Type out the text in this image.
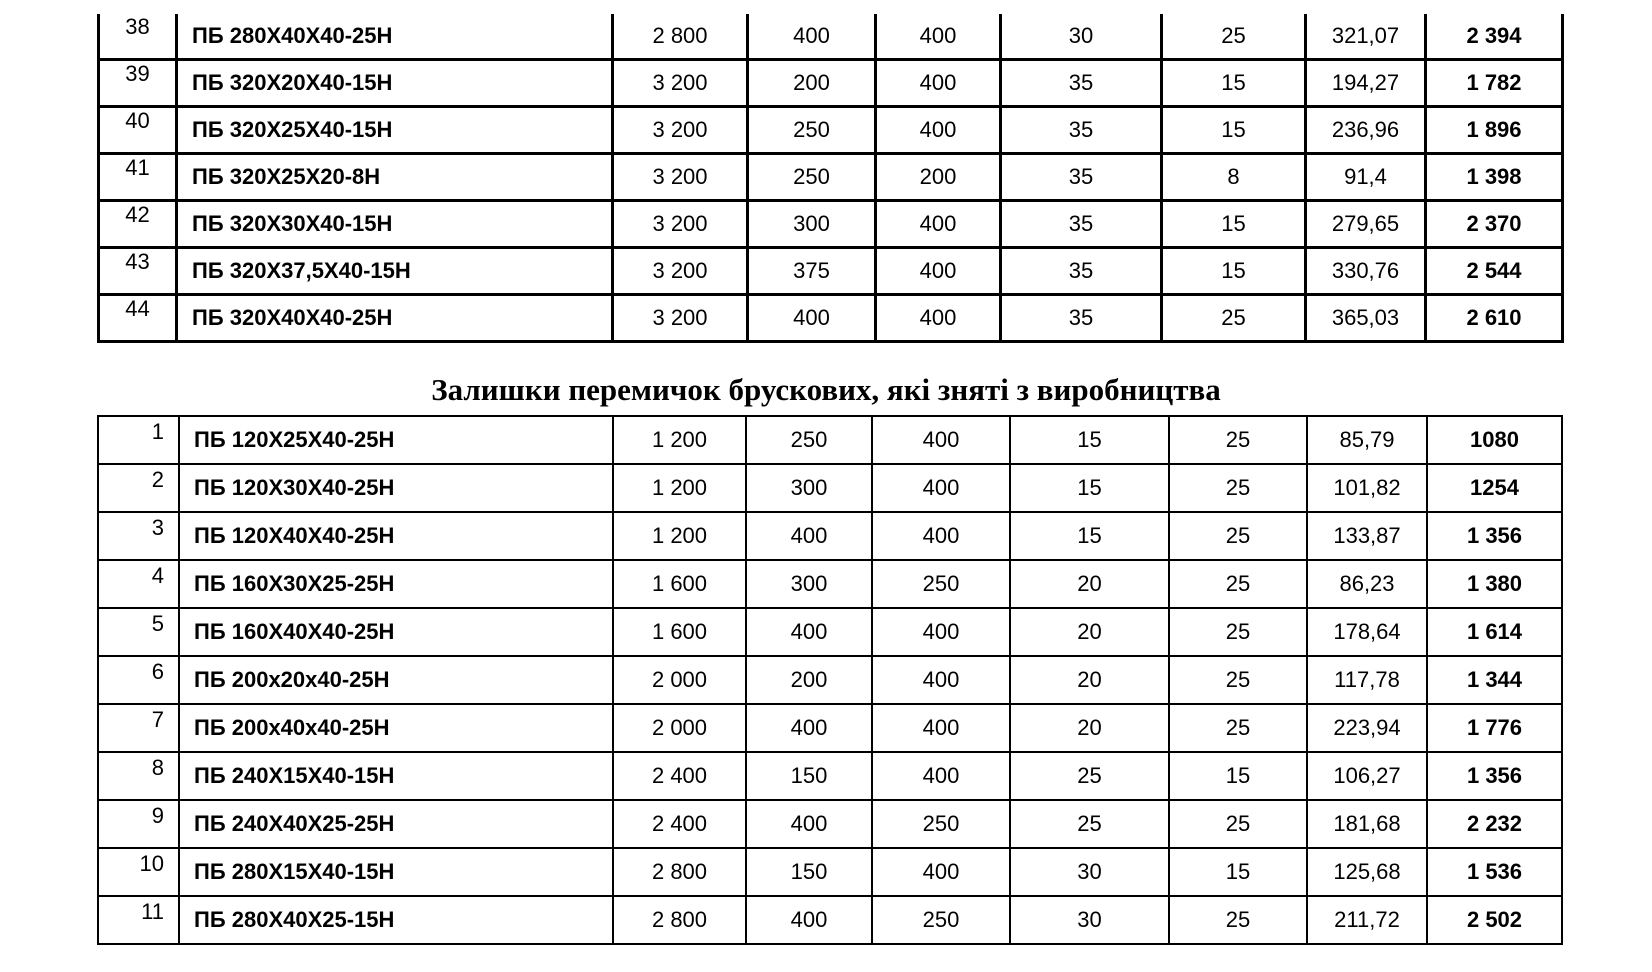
38	ПБ 280Х40Х40-25Н	2 800	400	400	30	25	321,07	2 394
39	ПБ 320Х20Х40-15Н	3 200	200	400	35	15	194,27	1 782
40	ПБ 320Х25Х40-15Н	3 200	250	400	35	15	236,96	1 896
41	ПБ 320Х25Х20-8Н	3 200	250	200	35	8	91,4	1 398
42	ПБ 320Х30Х40-15Н	3 200	300	400	35	15	279,65	2 370
43	ПБ 320Х37,5Х40-15Н	3 200	375	400	35	15	330,76	2 544
44	ПБ 320Х40Х40-25Н	3 200	400	400	35	25	365,03	2 610
Залишки перемичок брускових, які зняті з виробництва
1	ПБ 120Х25Х40-25Н	1 200	250	400	15	25	85,79	1080
2	ПБ 120Х30Х40-25Н	1 200	300	400	15	25	101,82	1254
3	ПБ 120Х40Х40-25Н	1 200	400	400	15	25	133,87	1 356
4	ПБ 160Х30Х25-25Н	1 600	300	250	20	25	86,23	1 380
5	ПБ 160Х40Х40-25Н	1 600	400	400	20	25	178,64	1 614
6	ПБ 200х20х40-25Н	2 000	200	400	20	25	117,78	1 344
7	ПБ 200х40х40-25Н	2 000	400	400	20	25	223,94	1 776
8	ПБ 240Х15Х40-15Н	2 400	150	400	25	15	106,27	1 356
9	ПБ 240Х40Х25-25Н	2 400	400	250	25	25	181,68	2 232
10	ПБ 280Х15Х40-15Н	2 800	150	400	30	15	125,68	1 536
11	ПБ 280Х40Х25-15Н	2 800	400	250	30	25	211,72	2 502
